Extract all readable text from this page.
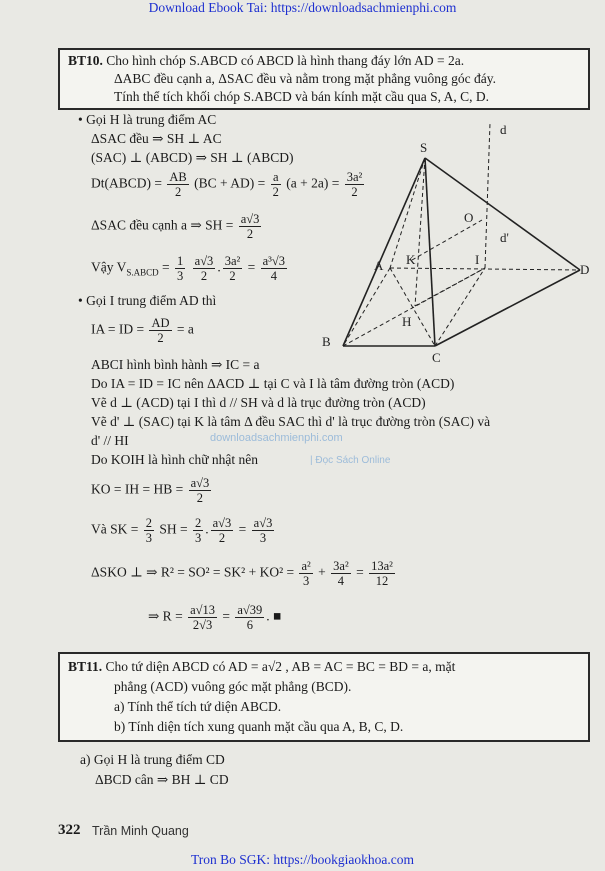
Download Ebook Tai: https://downloadsachmienphi.com
BT10. Cho hình chóp S.ABCD có ABCD là hình thang đáy lớn AD = 2a.
ΔABC đều cạnh a, ΔSAC đều và nằm trong mặt phẳng vuông góc đáy.
Tính thể tích khối chóp S.ABCD và bán kính mặt cầu qua S, A, C, D.
• Gọi H là trung điểm AC
ΔSAC đều ⇒ SH ⊥ AC
(SAC) ⊥ (ABCD) ⇒ SH ⊥ (ABCD)
Dt(ABCD) = $\frac{AB}{2} (BC + AD) = \frac{a}{2} (a + 2a) = \frac{\text{3a²}}{2}$
ΔSAC đều cạnh a ⇒ SH = $\frac{a√3}{2}$
Vậy $V_{S.ABCD} = \frac{1}{3}$
$\frac{a√3}{2}$ . $\frac{\text{3a²}}{2} = \frac{\text{a³√3}}{4}$
• Gọi I trung điểm AD thì
IA = ID = $\frac{AD}{2} = a$
ABCI hình bình hành ⇒ IC = a
Do IA = ID = IC nên ΔACD ⊥ tại C và I là tâm đường tròn (ACD)
Vẽ d ⊥ (ACD) tại I thì d // SH và d là trục đường tròn (ACD)
Vẽ d' ⊥ (SAC) tại K là tâm Δ đều SAC thì d' là trục đường tròn (SAC) và
d' // HI
Do KOIH là hình chữ nhật nên
KO = IH = HB = $\frac{a√3}{2}$
Và SK = $\frac{2}{3}$ SH = $\frac{2}{3}$ . $\frac{a√3}{2} = \frac{a√3}{3}$
ΔSKO ⊥ ⇒ $R^2 = SO^2 = SK^2 + KO^2 = \frac{\text{a²}}{3} + \frac{\text{3a²}}{4} = \frac{\text{13a²}}{12}$
⇒ $R = \frac{a√13}{2√3} = \frac{a√39}{6}$ . ■
d
S
O
d'
A K	I
D
H
B
C
downloadsachmienphi.com
| Đọc Sách Online
BT11. Cho tứ diện ABCD có AD = a√2 , AB = AC = BC = BD = a, mặt
phẳng (ACD) vuông góc mặt phẳng (BCD).
a) Tính thể tích tứ diện ABCD.
b) Tính diện tích xung quanh mặt cầu qua A, B, C, D.
a) Gọi H là trung điểm CD
ΔBCD cân ⇒ BH ⊥ CD
322 Trần Minh Quang
Tron Bo SGK: https://bookgiaokhoa.com
